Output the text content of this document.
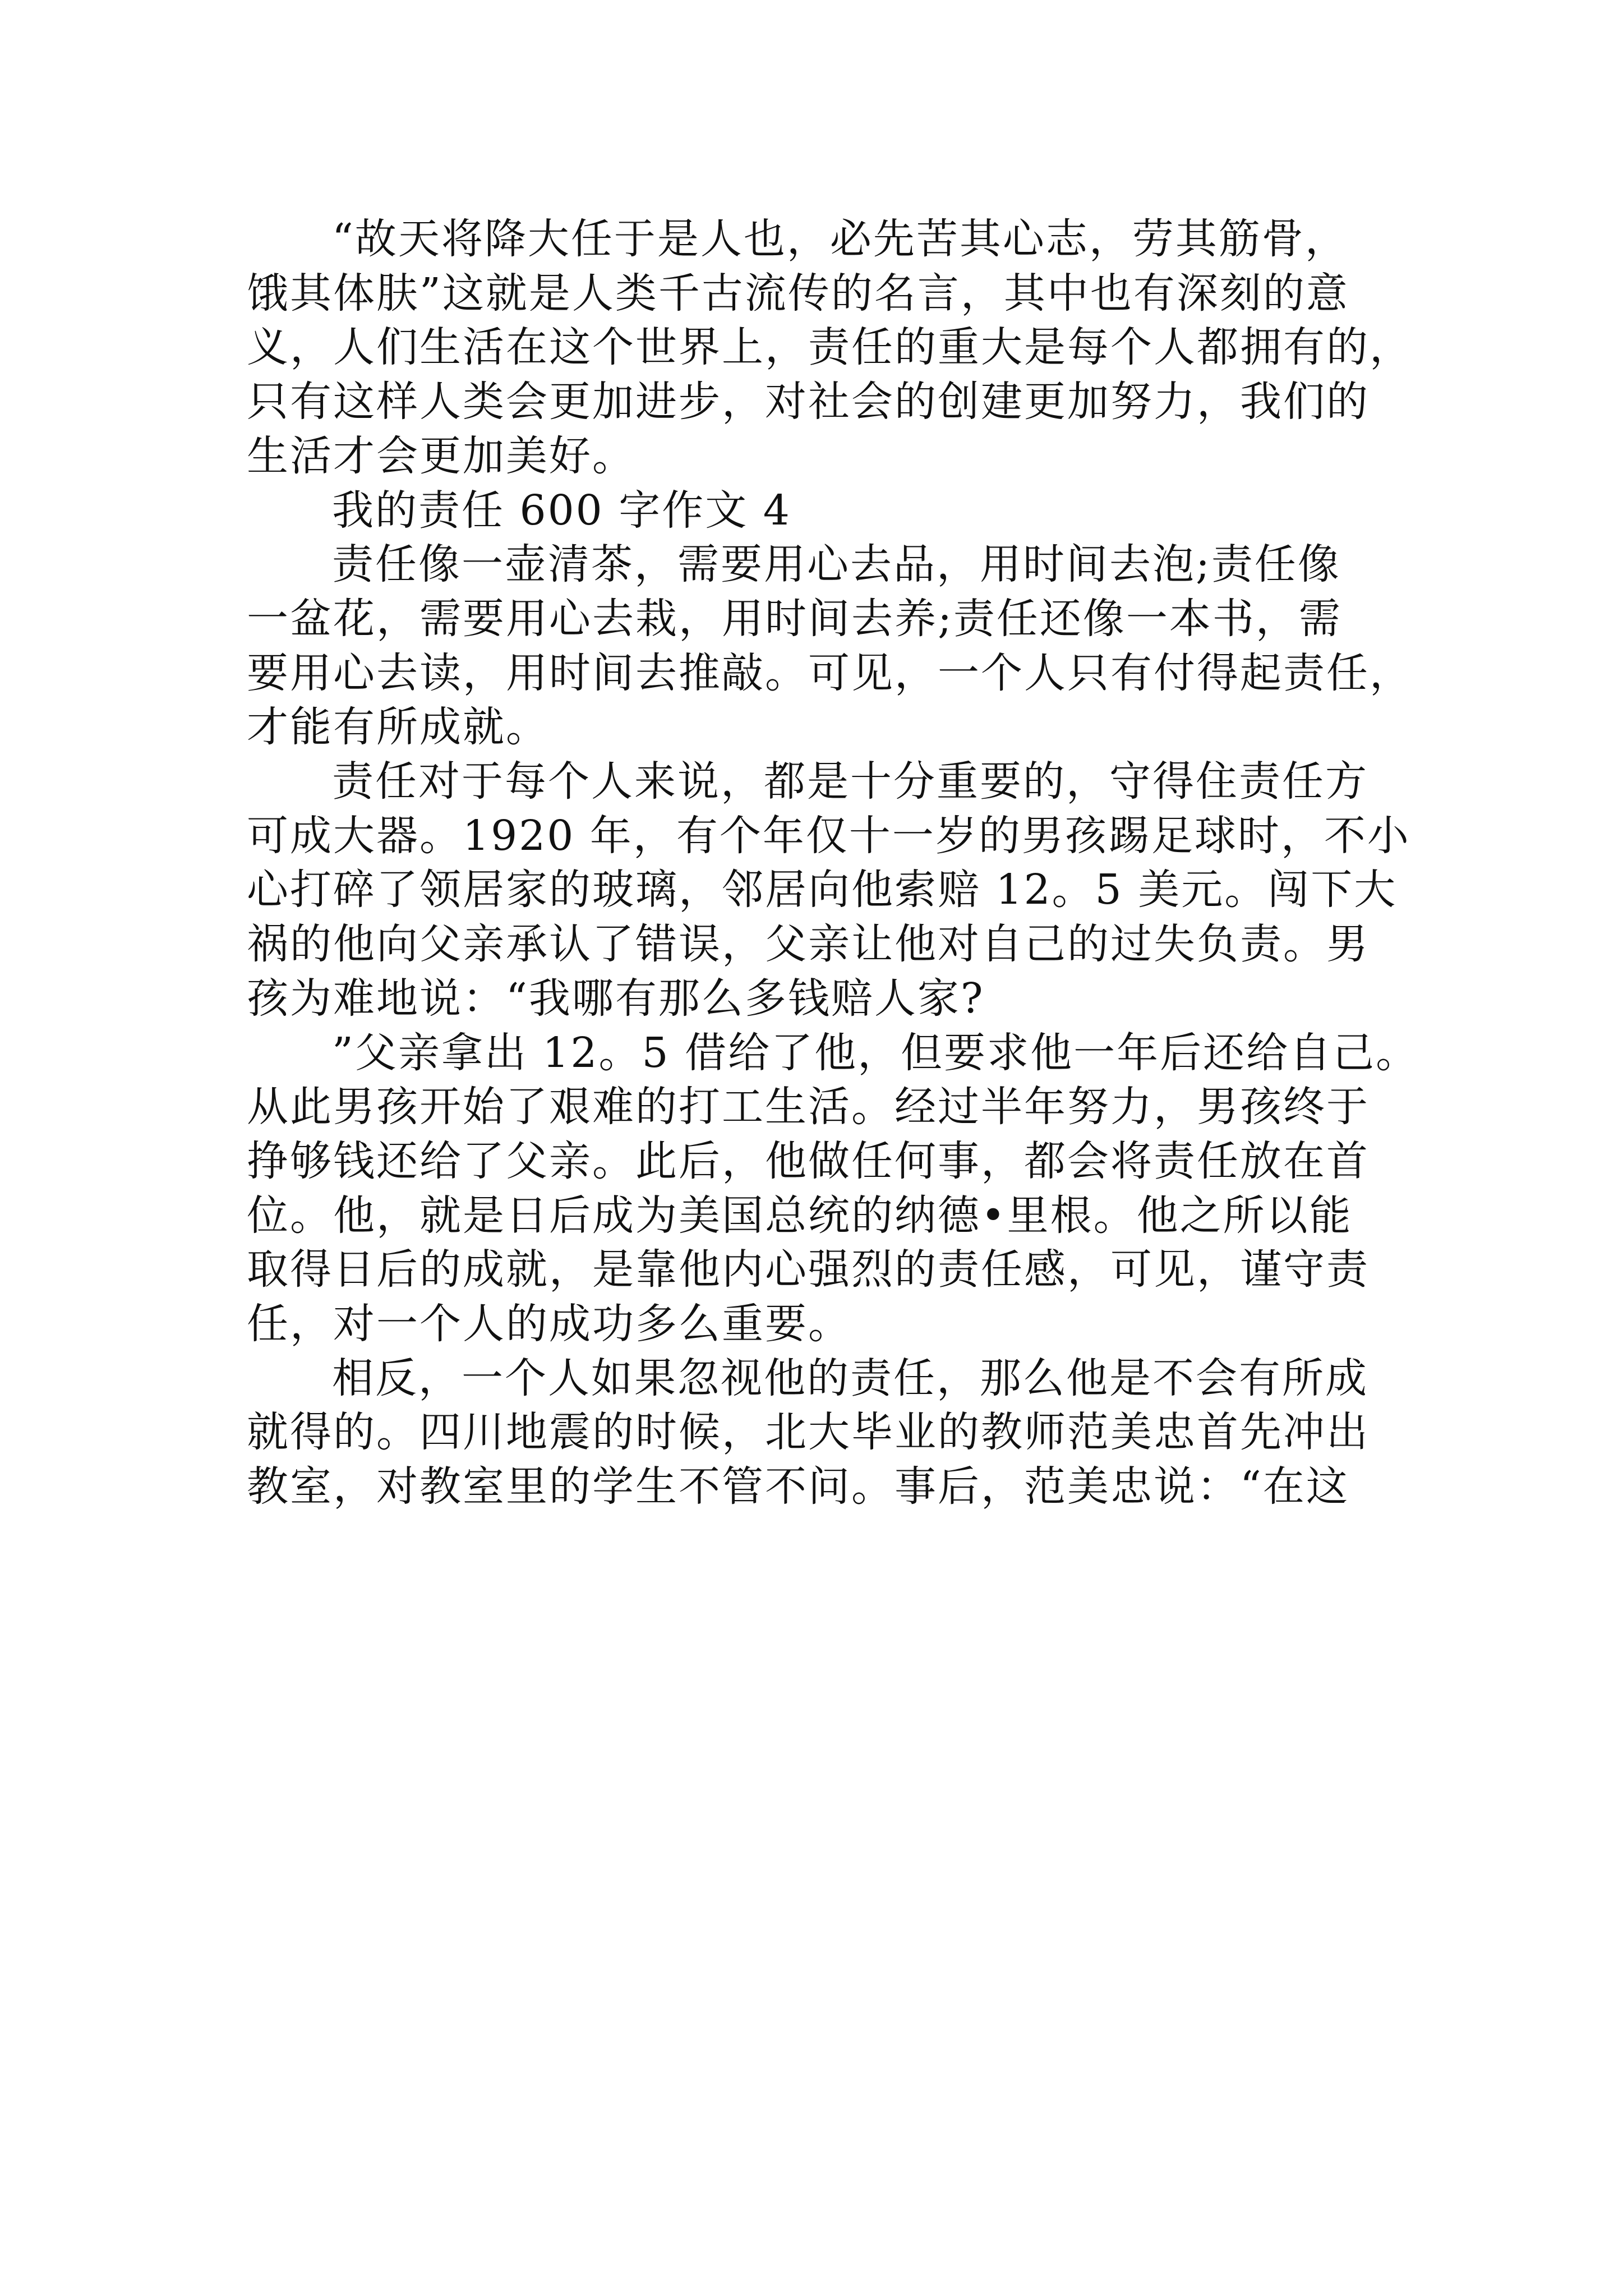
“故天将降大任于是人也，必先苦其心志，劳其筋骨，
饿其体肤”这就是人类千古流传的名言，其中也有深刻的意
义，人们生活在这个世界上，责任的重大是每个人都拥有的，
只有这样人类会更加进步，对社会的创建更加努力，我们的
生活才会更加美好。
我的责任 600 字作文 4
责任像一壶清茶，需要用心去品，用时间去泡;责任像
一盆花，需要用心去栽，用时间去养;责任还像一本书，需
要用心去读，用时间去推敲。可见，一个人只有付得起责任，
才能有所成就。
责任对于每个人来说，都是十分重要的，守得住责任方
可成大器。1920 年，有个年仅十一岁的男孩踢足球时，不小
心打碎了领居家的玻璃，邻居向他索赔 12。5 美元。闯下大
祸的他向父亲承认了错误，父亲让他对自己的过失负责。男
孩为难地说：“我哪有那么多钱赔人家?
”父亲拿出 12。5 借给了他，但要求他一年后还给自己。
从此男孩开始了艰难的打工生活。经过半年努力，男孩终于
挣够钱还给了父亲。此后，他做任何事，都会将责任放在首
位。他，就是日后成为美国总统的纳德•里根。他之所以能
取得日后的成就，是靠他内心强烈的责任感，可见，谨守责
任，对一个人的成功多么重要。
相反，一个人如果忽视他的责任，那么他是不会有所成
就得的。四川地震的时候，北大毕业的教师范美忠首先冲出
教室，对教室里的学生不管不问。事后，范美忠说：“在这
